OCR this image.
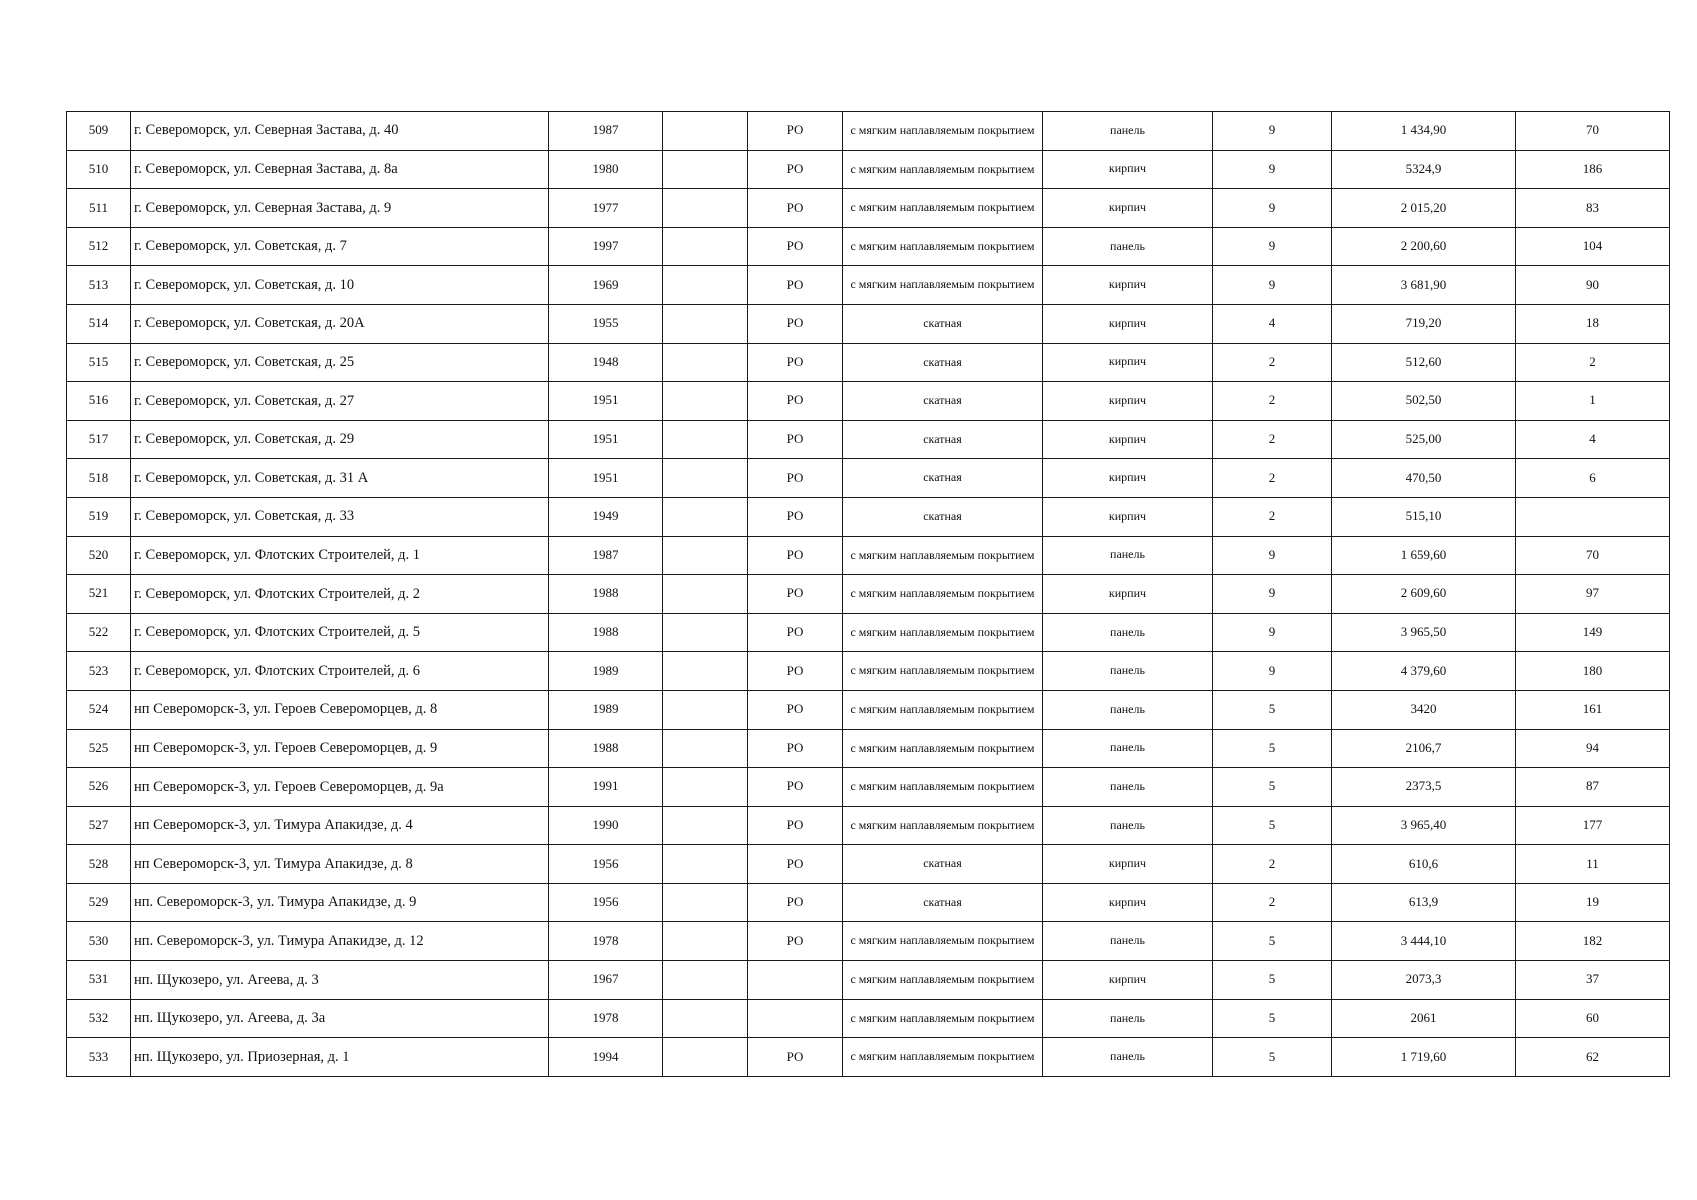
509	г. Североморск, ул. Северная Застава, д. 40	1987		РО	с мягким наплавляемым покрытием	панель	9	1 434,90	70
510	г. Североморск, ул. Северная Застава, д. 8а	1980		РО	с мягким наплавляемым покрытием	кирпич	9	5324,9	186
511	г. Североморск, ул. Северная Застава, д. 9	1977		РО	с мягким наплавляемым покрытием	кирпич	9	2 015,20	83
512	г. Североморск, ул. Советская, д. 7	1997		РО	с мягким наплавляемым покрытием	панель	9	2 200,60	104
513	г. Североморск, ул. Советская, д. 10	1969		РО	с мягким наплавляемым покрытием	кирпич	9	3 681,90	90
514	г. Североморск, ул. Советская, д. 20А	1955		РО	скатная	кирпич	4	719,20	18
515	г. Североморск, ул. Советская, д. 25	1948		РО	скатная	кирпич	2	512,60	2
516	г. Североморск, ул. Советская, д. 27	1951		РО	скатная	кирпич	2	502,50	1
517	г. Североморск, ул. Советская, д. 29	1951		РО	скатная	кирпич	2	525,00	4
518	г. Североморск, ул. Советская, д. 31 А	1951		РО	скатная	кирпич	2	470,50	6
519	г. Североморск, ул. Советская, д. 33	1949		РО	скатная	кирпич	2	515,10	
520	г. Североморск, ул. Флотских Строителей, д. 1	1987		РО	с мягким наплавляемым покрытием	панель	9	1 659,60	70
521	г. Североморск, ул. Флотских Строителей, д. 2	1988		РО	с мягким наплавляемым покрытием	кирпич	9	2 609,60	97
522	г. Североморск, ул. Флотских Строителей, д. 5	1988		РО	с мягким наплавляемым покрытием	панель	9	3 965,50	149
523	г. Североморск, ул. Флотских Строителей, д. 6	1989		РО	с мягким наплавляемым покрытием	панель	9	4 379,60	180
524	нп Североморск-3, ул. Героев Североморцев, д. 8	1989		РО	с мягким наплавляемым покрытием	панель	5	3420	161
525	нп Североморск-3, ул. Героев Североморцев, д. 9	1988		РО	с мягким наплавляемым покрытием	панель	5	2106,7	94
526	нп Североморск-3, ул. Героев Североморцев, д. 9а	1991		РО	с мягким наплавляемым покрытием	панель	5	2373,5	87
527	нп Североморск-3, ул. Тимура Апакидзе, д. 4	1990		РО	с мягким наплавляемым покрытием	панель	5	3 965,40	177
528	нп Североморск-3, ул. Тимура Апакидзе, д. 8	1956		РО	скатная	кирпич	2	610,6	11
529	нп. Североморск-3, ул. Тимура Апакидзе, д. 9	1956		РО	скатная	кирпич	2	613,9	19
530	нп. Североморск-3, ул. Тимура Апакидзе, д. 12	1978		РО	с мягким наплавляемым покрытием	панель	5	3 444,10	182
531	нп. Щукозеро, ул. Агеева, д. 3	1967			с мягким наплавляемым покрытием	кирпич	5	2073,3	37
532	нп. Щукозеро, ул. Агеева, д. 3а	1978			с мягким наплавляемым покрытием	панель	5	2061	60
533	нп. Щукозеро, ул. Приозерная, д. 1	1994		РО	с мягким наплавляемым покрытием	панель	5	1 719,60	62
